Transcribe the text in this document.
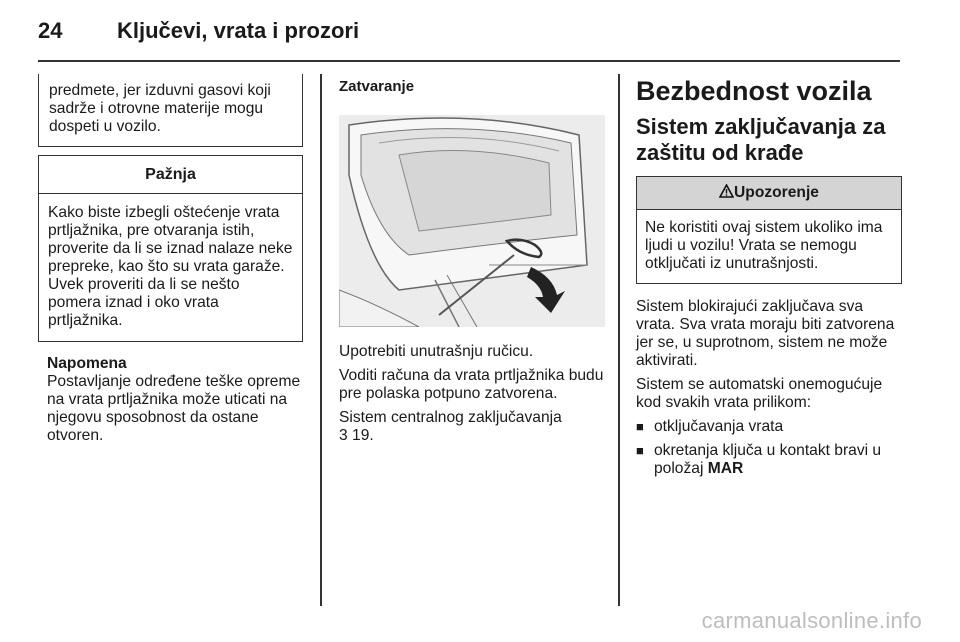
24 Ključevi, vrata i prozori

predmete, jer izduvni gasovi koji sadrže i otrovne materije mogu dospeti u vozilo.

Pažnja

Kako biste izbegli oštećenje vrata prtljažnika, pre otvaranja istih, proverite da li se iznad nalaze neke prepreke, kao što su vrata garaže. Uvek proveriti da li se nešto pomera iznad i oko vrata prtljažnika.

Napomena

Postavljanje određene teške opreme na vrata prtljažnika može uticati na njegovu sposobnost da ostane otvoren.

Zatvaranje

Upotrebiti unutrašnju ručicu.

Voditi računa da vrata prtljažnika budu pre polaska potpuno zatvorena.

Sistem centralnog zaključavanja
3 19.

Bezbednost vozila
Sistem zaključavanja za zaštitu od krađe
Upozorenje

Ne koristiti ovaj sistem ukoliko ima ljudi u vozilu! Vrata se nemogu otključati iz unutrašnjosti.

Sistem blokirajući zaključava sva vrata. Sva vrata moraju biti zatvorena jer se, u suprotnom, sistem ne može aktivirati.

Sistem se automatski onemogućuje kod svakih vrata prilikom:

■ otključavanja vrata
■ okretanja ključa u kontakt bravi u položaj MAR
carmanualsonline.info
